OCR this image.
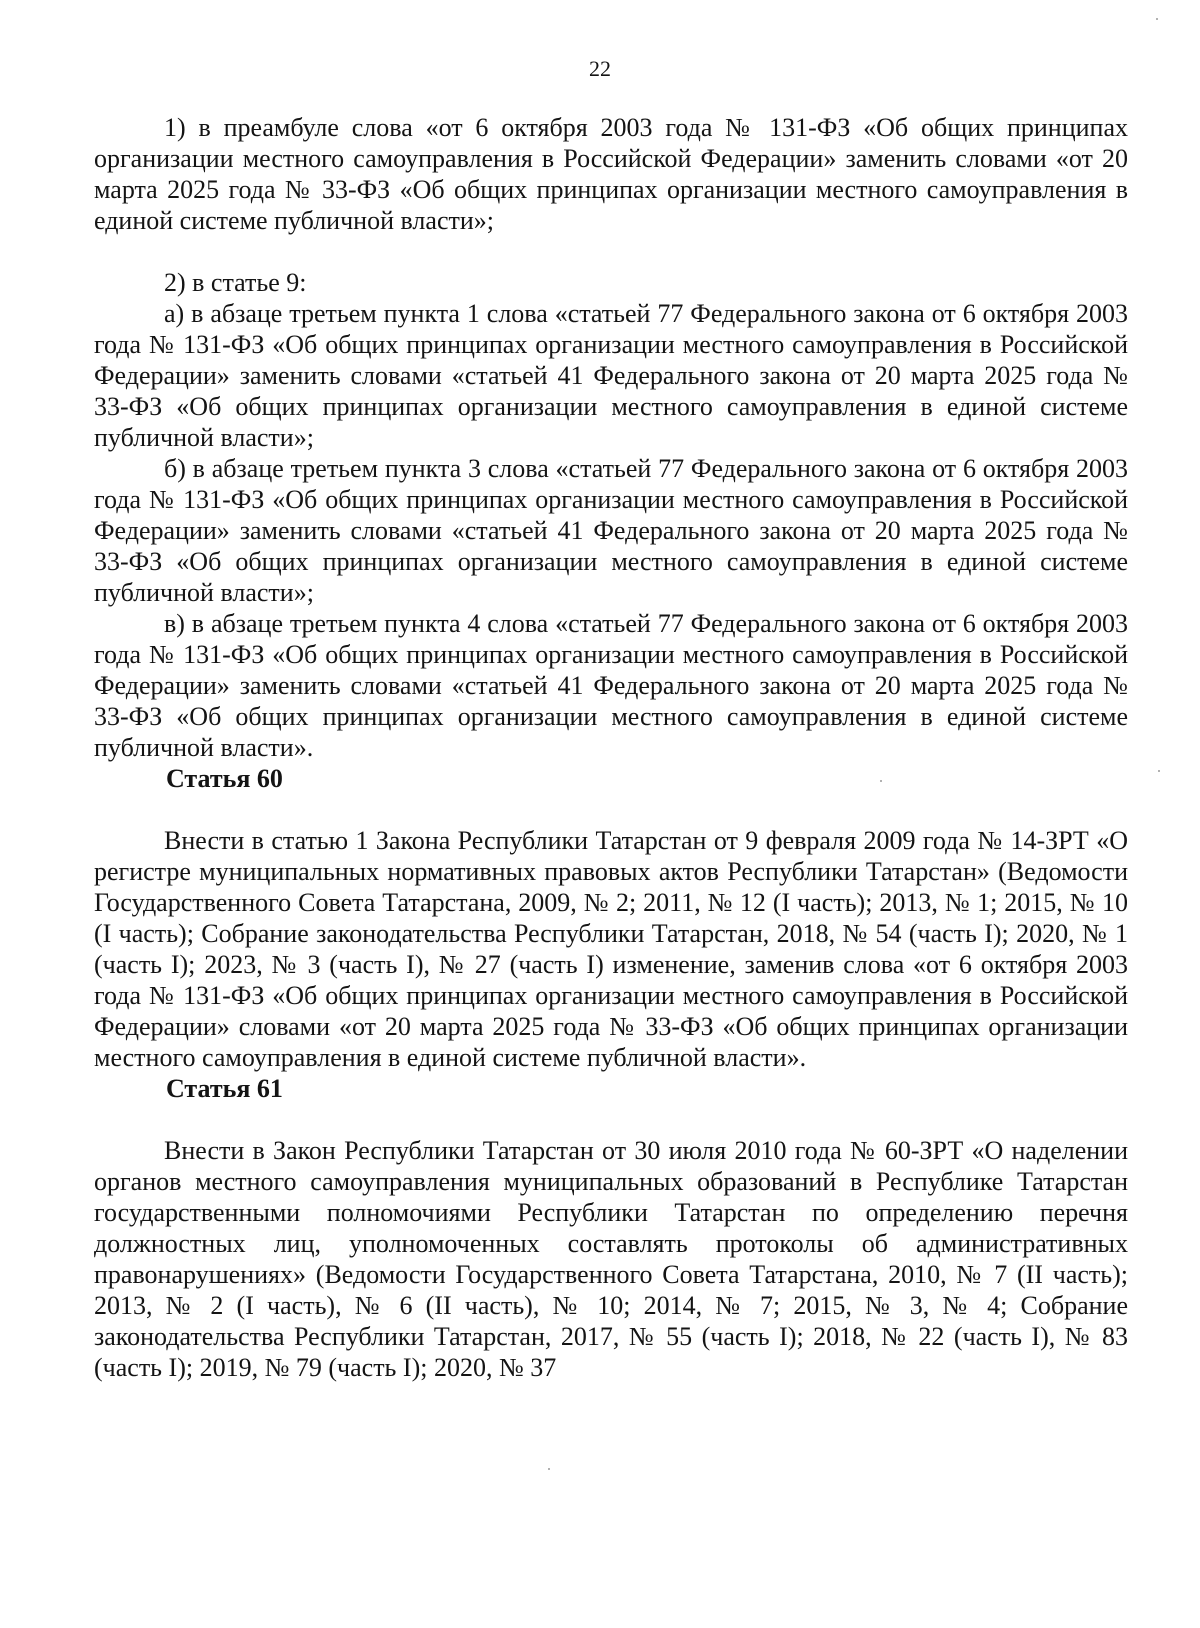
22

1) в преамбуле слова «от 6 октября 2003 года № 131-ФЗ «Об общих принципах организации местного самоуправления в Российской Федерации» заменить словами «от 20 марта 2025 года № 33-ФЗ «Об общих принципах организации местного самоуправления в единой системе публичной власти»;

2) в статье 9:

а) в абзаце третьем пункта 1 слова «статьей 77 Федерального закона от 6 октября 2003 года № 131-ФЗ «Об общих принципах организации местного самоуправления в Российской Федерации» заменить словами «статьей 41 Федерального закона от 20 марта 2025 года № 33-ФЗ «Об общих принципах организации местного самоуправления в единой системе публичной власти»;

б) в абзаце третьем пункта 3 слова «статьей 77 Федерального закона от 6 октября 2003 года № 131-ФЗ «Об общих принципах организации местного самоуправления в Российской Федерации» заменить словами «статьей 41 Федерального закона от 20 марта 2025 года № 33-ФЗ «Об общих принципах организации местного самоуправления в единой системе публичной власти»;

в) в абзаце третьем пункта 4 слова «статьей 77 Федерального закона от 6 октября 2003 года № 131-ФЗ «Об общих принципах организации местного самоуправления в Российской Федерации» заменить словами «статьей 41 Федерального закона от 20 марта 2025 года № 33-ФЗ «Об общих принципах организации местного самоуправления в единой системе публичной власти».

Статья 60

Внести в статью 1 Закона Республики Татарстан от 9 февраля 2009 года № 14-ЗРТ «О регистре муниципальных нормативных правовых актов Республики Татарстан» (Ведомости Государственного Совета Татарстана, 2009, № 2; 2011, № 12 (I часть); 2013, № 1; 2015, № 10 (I часть); Собрание законодательства Республики Татарстан, 2018, № 54 (часть I); 2020, № 1 (часть I); 2023, № 3 (часть I), № 27 (часть I) изменение, заменив слова «от 6 октября 2003 года № 131-ФЗ «Об общих принципах организации местного самоуправления в Российской Федерации» словами «от 20 марта 2025 года № 33-ФЗ «Об общих принципах организации местного самоуправления в единой системе публичной власти».

Статья 61

Внести в Закон Республики Татарстан от 30 июля 2010 года № 60-ЗРТ «О наделении органов местного самоуправления муниципальных образований в Республике Татарстан государственными полномочиями Республики Татарстан по определению перечня должностных лиц, уполномоченных составлять протоколы об административных правонарушениях» (Ведомости Государственного Совета Татарстана, 2010, № 7 (II часть); 2013, № 2 (I часть), № 6 (II часть), № 10; 2014, № 7; 2015, № 3, № 4; Собрание законодательства Республики Татарстан, 2017, № 55 (часть I); 2018, № 22 (часть I), № 83 (часть I); 2019, № 79 (часть I); 2020, № 37
